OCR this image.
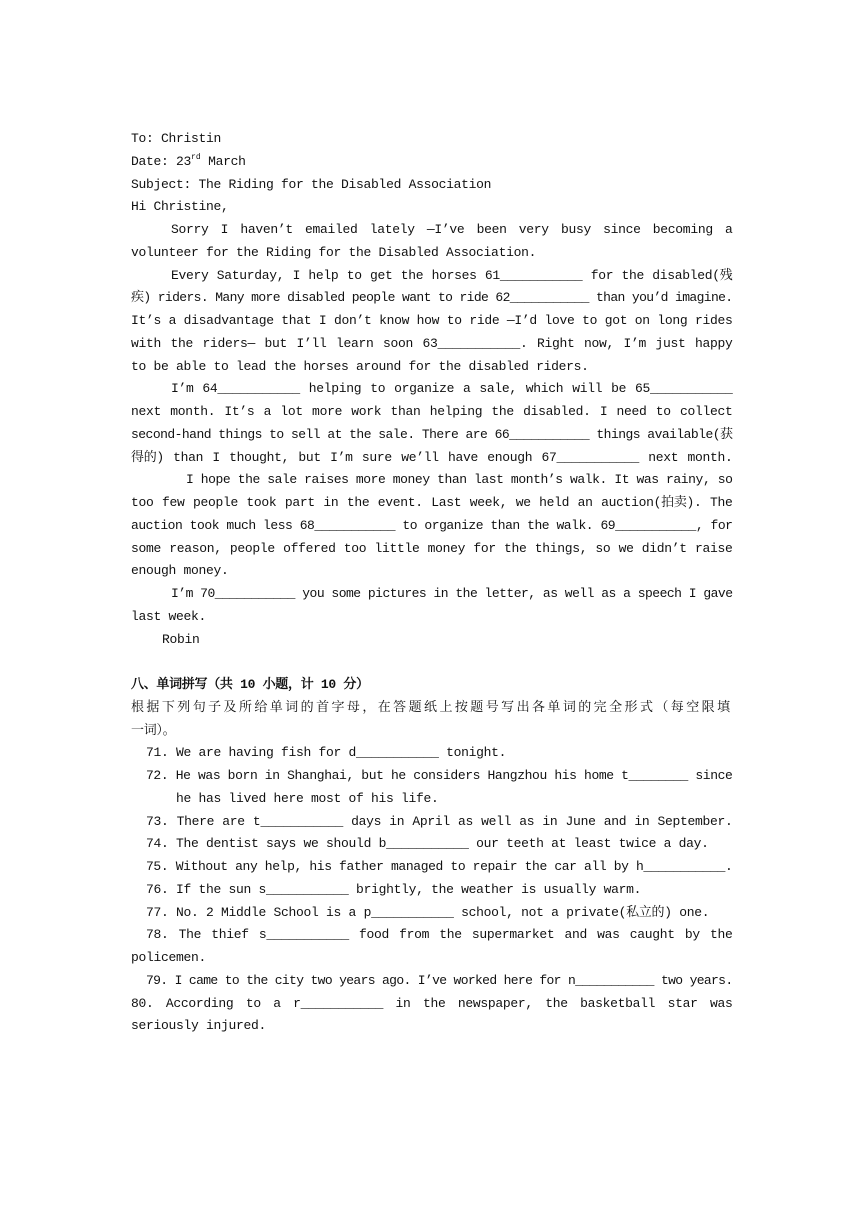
To: Christin
Date: 23rd March
Subject: The Riding for the Disabled Association
Hi Christine,
Sorry I haven’t emailed lately —I’ve been very busy since becoming a
volunteer for the Riding for the Disabled Association.
Every Saturday, I help to get the horses 61___________ for the disabled(残
疾) riders. Many more disabled people want to ride 62___________ than you’d imagine.
It’s a disadvantage that I don’t know how to ride —I’d love to got on long rides
with the riders— but I’ll learn soon 63___________. Right now, I’m just happy
to be able to lead the horses around for the disabled riders.
I’m 64___________ helping to organize a sale, which will be 65___________
next month. It’s a lot more work than helping the disabled. I need to collect
second-hand things to sell at the sale. There are 66___________ things available(获
得的) than I thought, but I’m sure we’ll have enough 67___________ next month.
I hope the sale raises more money than last month’s walk. It was rainy, so
too few people took part in the event. Last week, we held an auction(拍卖). The
auction took much less 68___________ to organize than the walk. 69___________, for
some reason, people offered too little money for the things, so we didn’t raise
enough money.
I’m 70___________ you some pictures in the letter, as well as a speech I gave
last week.
Robin
八、单词拼写（共 10 小题，计 10 分）
根据下列句子及所给单词的首字母，在答题纸上按题号写出各单词的完全形式（每空限填
一词）。
71. We are having fish for d___________ tonight.
72. He was born in Shanghai, but he considers Hangzhou his home t________ since
he has lived here most of his life.
73. There are t___________ days in April as well as in June and in September.
74. The dentist says we should b___________ our teeth at least twice a day.
75. Without any help, his father managed to repair the car all by h___________.
76. If the sun s___________ brightly, the weather is usually warm.
77. No. 2 Middle School is a p___________ school, not a private(私立的) one.
78. The thief s___________ food from the supermarket and was caught by the
policemen.
79. I came to the city two years ago. I’ve worked here for n___________ two years.
80. According to a r___________ in the newspaper, the basketball star was
seriously injured.
